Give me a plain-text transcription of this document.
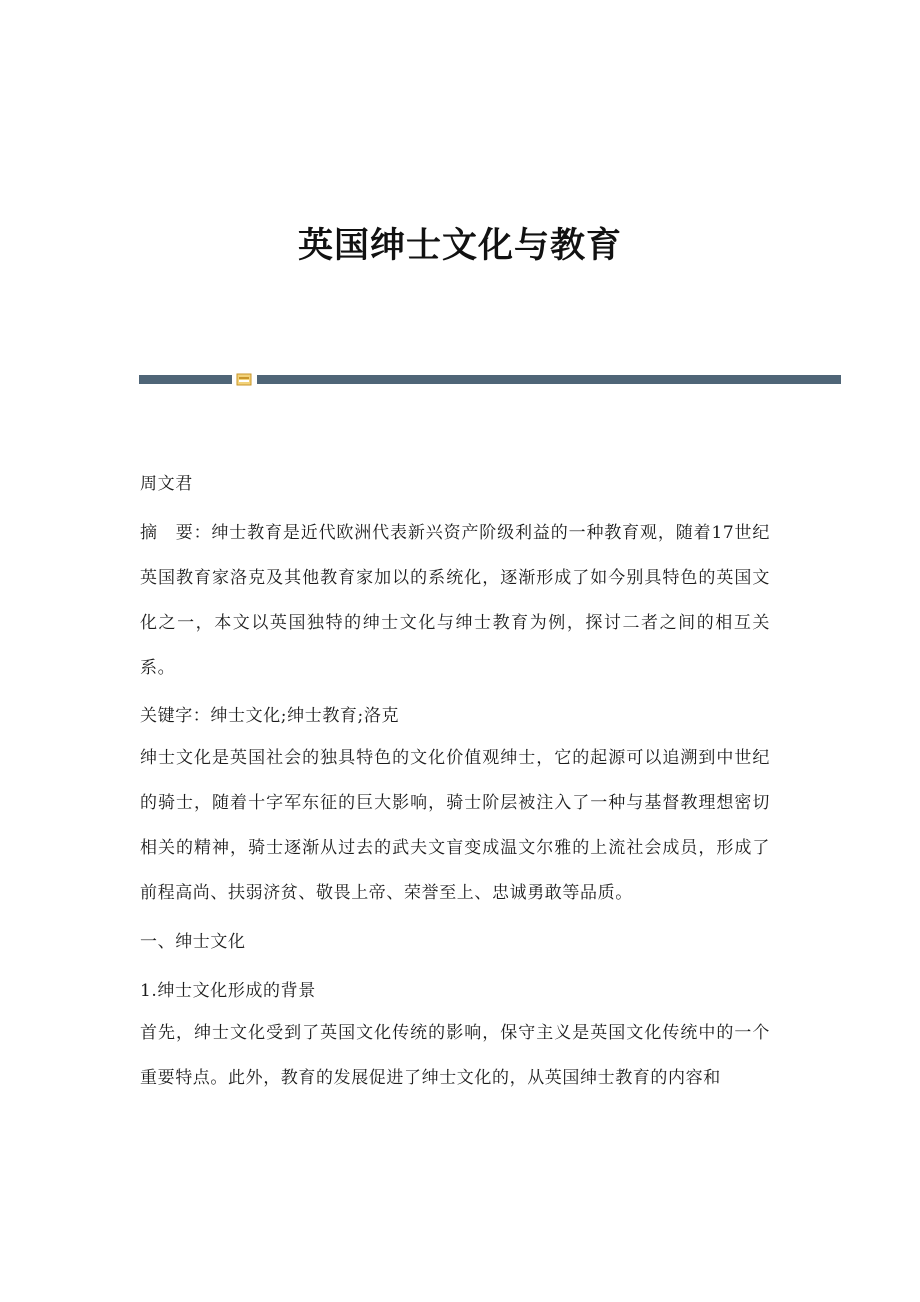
英国绅士文化与教育

周文君

摘　要：绅士教育是近代欧洲代表新兴资产阶级利益的一种教育观，随着17世纪英国教育家洛克及其他教育家加以的系统化，逐渐形成了如今别具特色的英国文化之一，本文以英国独特的绅士文化与绅士教育为例，探讨二者之间的相互关系。

关键字：绅士文化;绅士教育;洛克

绅士文化是英国社会的独具特色的文化价值观绅士，它的起源可以追溯到中世纪的骑士，随着十字军东征的巨大影响，骑士阶层被注入了一种与基督教理想密切相关的精神，骑士逐渐从过去的武夫文盲变成温文尔雅的上流社会成员，形成了前程高尚、扶弱济贫、敬畏上帝、荣誉至上、忠诚勇敢等品质。

一、绅士文化

1.绅士文化形成的背景

首先，绅士文化受到了英国文化传统的影响，保守主义是英国文化传统中的一个重要特点。此外，教育的发展促进了绅士文化的，从英国绅士教育的内容和
